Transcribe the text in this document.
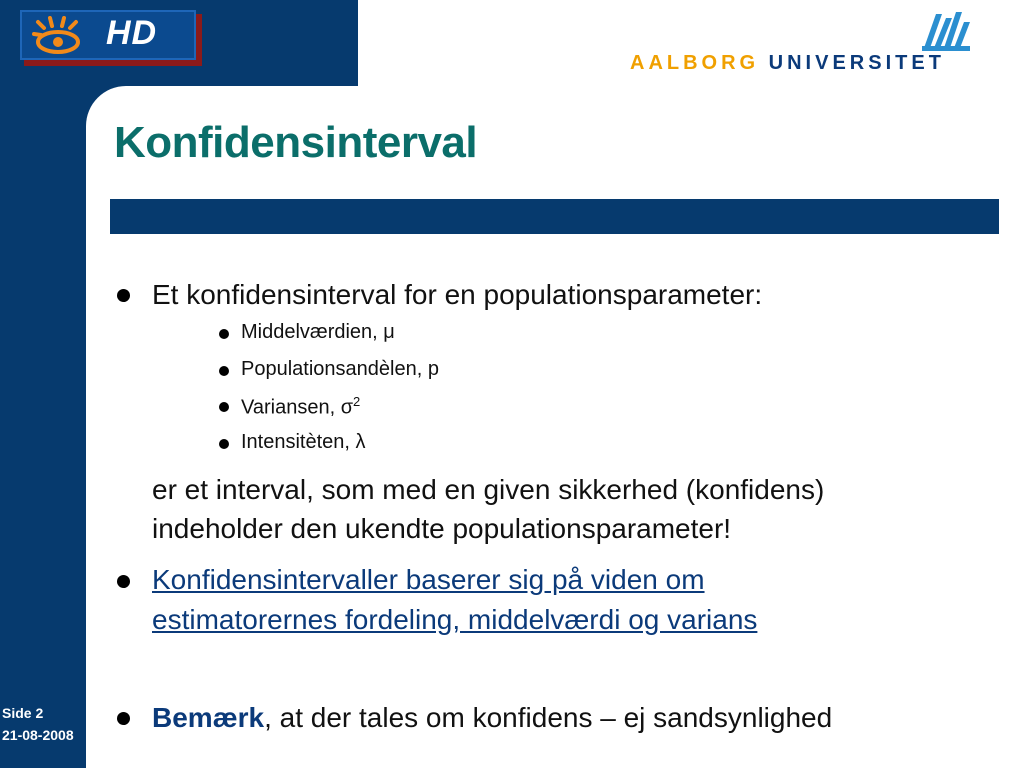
HD
AALBORG UNIVERSITET
Konfidensinterval
Et konfidensinterval for en populationsparameter:
Middelværdien, μ
Populationsandèlen, p
Variansen, $\sigma^2$
Intensitèten, λ
er et interval, som med en given sikkerhed (konfidens)
indeholder den ukendte populationsparameter!
Konfidensintervaller baserer sig på viden om
estimatorernes fordeling, middelværdi og varians
Bemærk, at der tales om konfidens – ej sandsynlighed
Side 2
21-08-2008
